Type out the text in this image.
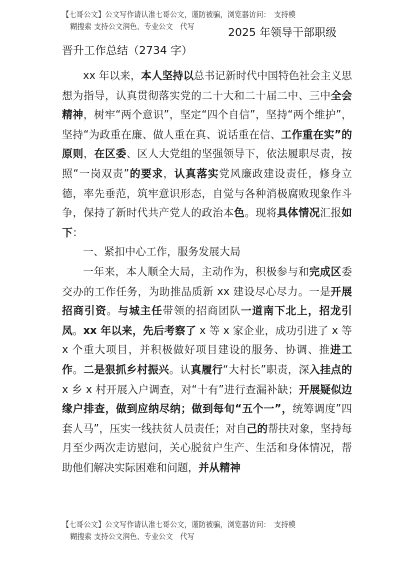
【七哥公文】公文写作请认准七哥公文，谨防被骗，浏览器访问：　支持模
糊搜索 支持公文润色、专业公文　代写	2025 年领导干部职级
晋升工作总结（2734 字）

xx 年以来，本人坚持以总书记新时代中国特色社会主义思想为指导，认真贯彻落实党的二十大和二十届二中、三中全会精神，树牢“两个意识”，坚定“四个自信”，坚持“两个维护”，坚持“为政重在廉、做人重在真、说话重在信、工作重在实”的原则，在区委、区人大党组的坚强领导下，依法履职尽责，按照“一岗双责”的要求，认真落实党风廉政建设责任，修身立德，率先垂范，筑牢意识形态，自觉与各种消极腐败现象作斗争，保持了新时代共产党人的政治本色。现将具体情况汇报如下：

一、紧扣中心工作，服务发展大局

一年来，本人顺全大局，主动作为，积极参与和完成区委交办的工作任务，为助推品质新 xx 建设尽心尽力。一是开展招商引资。与城主任带领的招商团队一道南下北上，招龙引凤。xx 年以来，先后考察了 x 等 x 家企业，成功引进了 x 等 x 个重大项目，并积极做好项目建设的服务、协调、推进工作。二是狠抓乡村振兴。认真履行“大村长”职责，深入挂点的 x 乡 x 村开展入户调查，对“十有”进行查漏补缺；开展疑似边缘户排查，做到应纳尽纳；做到每旬“五个一”，统筹调度”四套人马”，压实一线扶贫人员责任；对自己的帮扶对象，坚持每月至少两次走访慰问，关心脱贫户生产、生活和身体情况，帮助他们解决实际困难和问题，并从精神

【七哥公文】公文写作请认准七哥公文，谨防被骗，浏览器访问：　支持模
糊搜索 支持公文润色、专业公文　代写
